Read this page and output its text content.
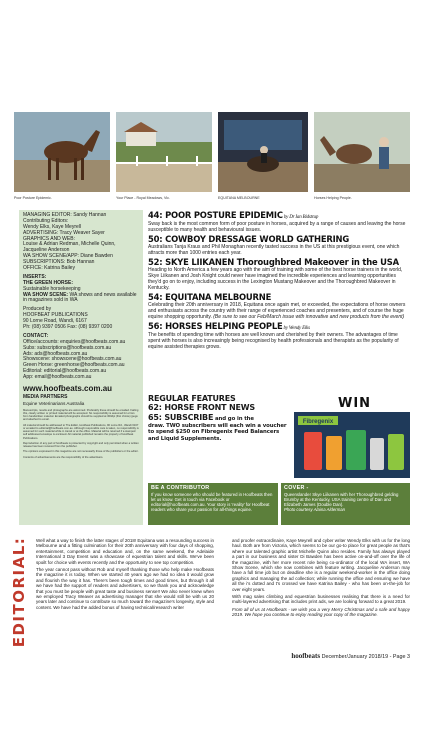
Poor Posture Epidemic.	Your Place - Royal Meadows, Vic.	EQUITANA MELBOURNE	Horses Helping People.
MANAGING EDITOR: Sandy Hannan
Contributing Editors:
Wendy Elks, Kaye Meyrell
ADVERTISING: Tracy Weaver Sayer
GRAPHICS AND WEB:
Louise & Adrian Redman, Michelle Quinn, Jacqueline Anderson
WA SHOW SCENE/APP: Diane Bawden
SUBSCRIPTIONS: Bob Hannan
OFFICE: Katrina Bailey
INSERTS:
THE GREEN HORSE:
Sustainable horsekeeping
WA SHOW SCENE: WA shows and news available in magazines sold in WA
Produced by
HOOFBEAT PUBLICATIONS
90 Lorne Road, Wandi, 6167
Ph: (08) 9397 0506 Fax: (08) 9397 0200
CONTACT:
Office/accounts: enquiries@hoofbeats.com.au
Subs: subscriptions@hoofbeats.com.au
Ads: ads@hoofbeats.com.au
Showscene: showscene@hoofbeats.com.au
Green Horse: greenhorse@hoofbeats.com.au
Editorial: editorial@hoofbeats.com.au
App: email@hoofbeats.com.au
www.hoofbeats.com.au
MEDIA PARTNERS
Equine Veterinarians Australia
Manuscripts, results and photographs are welcomed. Preferably these should be emailed. Failing this, clearly written or printed material will be accepted. No responsibility is assumed for errors from handwritten material. Emailed photographs should be supplied at 300dpi (first choice) jpegs and attached to email.
All material should be addressed to The Editor, Hoofbeat Publications, 90 Lorne Rd., Wandi 6167 or emailed to editorial@hoofbeats.com.au. Although responsible care is taken, no responsibility is assumed for such material while in transit or at the office. Material will be returned if a stamped self addressed envelope is enclosed. All material published remains the property of Hoofbeat Publications.
Reproduction of any part of hoofbeats is protected by copyright and only permitted when a written release has been received from the publisher.
The opinions expressed in this magazine are not necessarily those of the publishers or the editor.
Contents of advertisements are the responsibility of the advertisers.
44: POOR POSTURE EPIDEMIC by Dr Ian Bidstrup
Sway back is the most common form of poor posture in horses, acquired by a range of causes and leaving the horse susceptible to many health and behavioural issues.
50: COWBOY DRESSAGE WORLD GATHERING
Australians Tanja Kraus and Phil Monaghan recently tasted success in the US at this prestigious event, one which attracts more than 1000 entries each year.
52: SKYE LIIKANEN Thoroughbred Makeover in the USA
Heading to North America a few years ago with the aim of training with some of the best horse trainers in the world, Skye Liikanen and Josh Knight could never have imagined the incredible experiences and learning opportunities they'd go on to enjoy, including success in the Lexington Mustang Makeover and the Thoroughbred Makeover in Kentucky.
54: EQUITANA MELBOURNE
Celebrating their 20th anniversary in 2018, Equitana once again met, or exceeded, the expectations of horse owners and enthusiasts across the country with their range of experienced coaches and presenters, and of course the huge equine shopping opportunity. (Be sure to see our Feb/March issue with innovative and new products from the event)
56: HORSES HELPING PEOPLE by Wendy Elks
The benefits of spending time with horses are well known and cherished by their owners. The advantages of time spent with horses is also increasingly being recognised by health professionals and therapists as the popularity of equine assisted therapies grows.
REGULAR FEATURES
62: HORSE FRONT NEWS
65: SUBSCRIBE and go in the
draw. TWO subscribers will each win a voucher to spend $250 on Fibregenix Feed Balancers and Liquid Supplements.
WIN
Fibregenix
BE A CONTRIBUTOR
If you know someone who should be featured in Hoofbeats then let us know. Get in touch via Facebook or editorial@hoofbeats.com.au. Your story is 'reality' for Hoofbeat readers who share your passion for all-things equine.
COVER -
Queenslander Skye Liikanen with her Thoroughbred gelding Brumby at the Kentucky, USA training centre of Dan and Elizabeth James (Double Dan).
Photo courtesy Alaina Alderman
EDITORIAL: Well what a way to finish the latter stages of 2018! Equitana was a resounding success in Melbourne and a fitting culmination for their 20th anniversary with four days of shopping, entertainment, competition and education and, on the same weekend, the Adelaide International 3 Day Event was a showcase of equestrian talent and skills. We've been spoilt for choice with events recently and the opportunity to see top competition.

The year cannot pass without Rob and myself thanking those who help make Hoofbeats the magazine it is today. When we started 40 years ago we had no idea it would grow and flourish the way it has. There's been tough times and good times, but through it all we have had the support of readers and advertisers, so we thank you and acknowledge that you must be people with great taste and business sense!! We also never knew when we employed Tracy Weaver as advertising manager that she would still be with us 20 years later and continue to contribute so much toward the magazine's longevity, style and content. We have had the added bonus of having technical/research writer

and proofer extraordinaire, Kaye Meyrell and cyber writer Wendy Elks with us for the long haul. Both are from Victoria, which seems to be our go-to place for great people as that's where our talented graphic artist Michelle Quinn also resides. Family has always played a part in our business and sister Di Bawden has been active on-and-off over the life of the magazine, with her more recent role being co-ordinator of the local WA insert, WA Show Scene, which she now combines with feature writing. Jacqueline Anderson may have a full time job but on deadline she is a regular weekend-worker in the office doing graphics and managing the ad collection; while running the office and ensuring we have all the i's dotted and t's crossed we have Katrina Bailey - who has been on-the-job for over eight years.

With mag sales climbing and equestrian businesses realising that there is a need for multi-layered advertising that includes print ads, we are looking forward to a great 2019.

From all of us at Hoofbeats - we wish you a very Merry Christmas and a safe and happy 2019. We hope you continue to enjoy reading your copy of the magazine.

hoofbeats December/January 2018/19 - Page 3
